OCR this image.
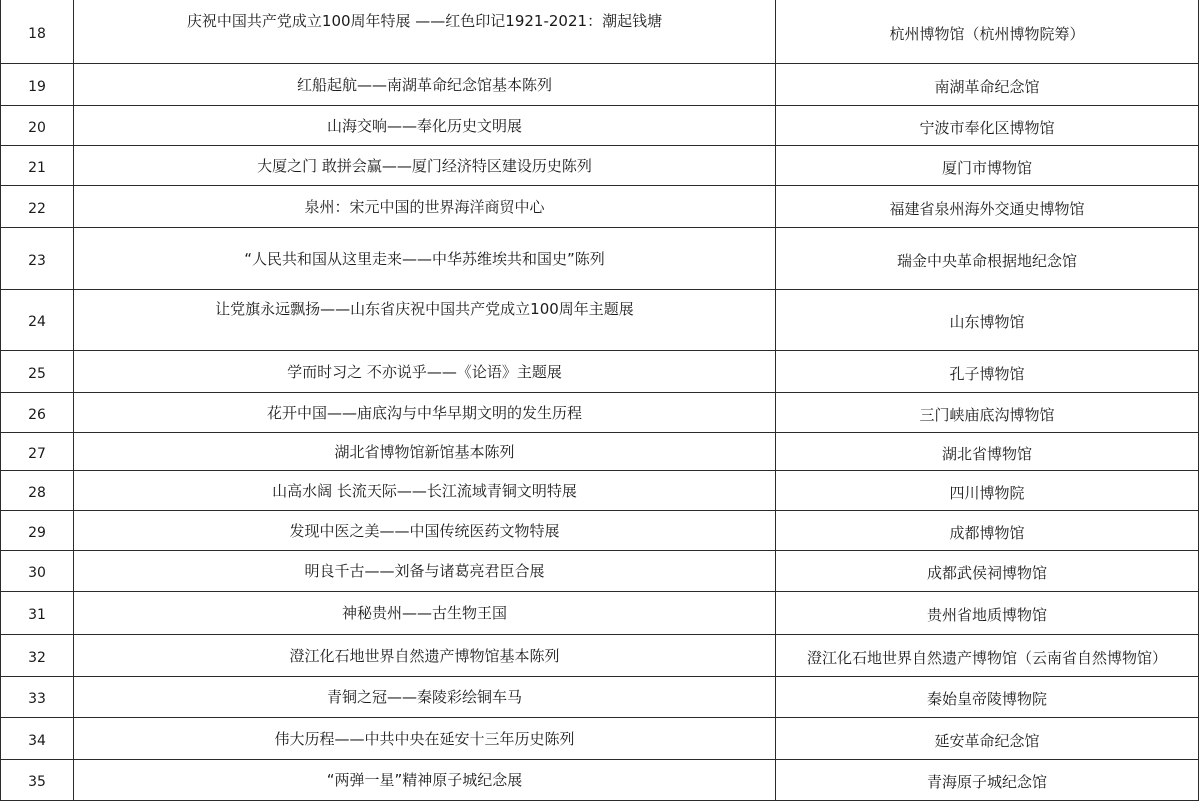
18	庆祝中国共产党成立100周年特展 ——红色印记1921-2021：潮起钱塘	杭州博物馆（杭州博物院筹）
19	红船起航——南湖革命纪念馆基本陈列	南湖革命纪念馆
20	山海交响——奉化历史文明展	宁波市奉化区博物馆
21	大厦之门 敢拼会赢——厦门经济特区建设历史陈列	厦门市博物馆
22	泉州：宋元中国的世界海洋商贸中心	福建省泉州海外交通史博物馆
23	“人民共和国从这里走来——中华苏维埃共和国史”陈列	瑞金中央革命根据地纪念馆
24	让党旗永远飘扬——山东省庆祝中国共产党成立100周年主题展	山东博物馆
25	学而时习之 不亦说乎——《论语》主题展	孔子博物馆
26	花开中国——庙底沟与中华早期文明的发生历程	三门峡庙底沟博物馆
27	湖北省博物馆新馆基本陈列	湖北省博物馆
28	山高水阔 长流天际——长江流域青铜文明特展	四川博物院
29	发现中医之美——中国传统医药文物特展	成都博物馆
30	明良千古——刘备与诸葛亮君臣合展	成都武侯祠博物馆
31	神秘贵州——古生物王国	贵州省地质博物馆
32	澄江化石地世界自然遗产博物馆基本陈列	澄江化石地世界自然遗产博物馆（云南省自然博物馆）
33	青铜之冠——秦陵彩绘铜车马	秦始皇帝陵博物院
34	伟大历程——中共中央在延安十三年历史陈列	延安革命纪念馆
35	“两弹一星”精神原子城纪念展	青海原子城纪念馆
